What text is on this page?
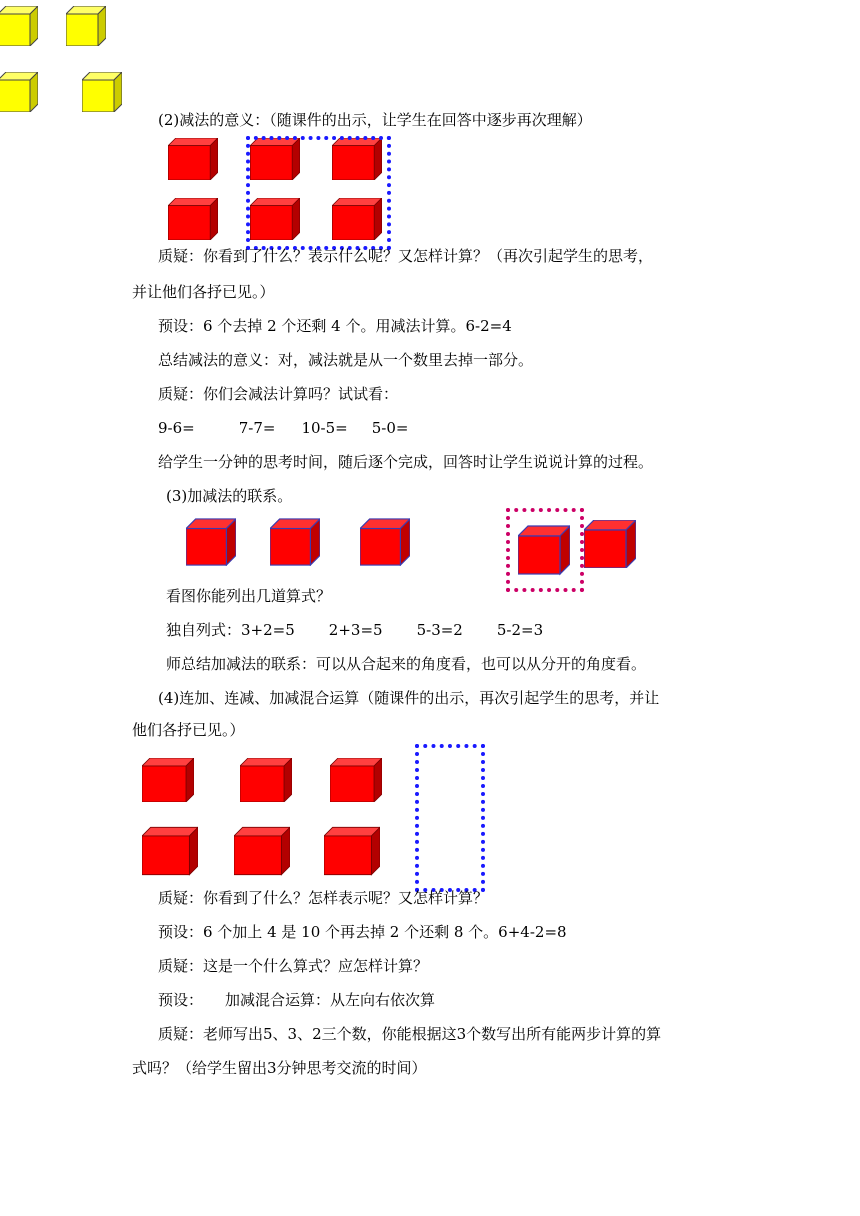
(2)减法的意义：（随课件的出示，让学生在回答中逐步再次理解）
质疑：你看到了什么？表示什么呢？又怎样计算？（再次引起学生的思考，
并让他们各抒已见。）
预设：6 个去掉 2 个还剩 4 个。用减法计算。6-2=4
总结减法的意义：对，减法就是从一个数里去掉一部分。
质疑：你们会减法计算吗？试试看：
9-6=	7-7= 10-5= 5-0=
给学生一分钟的思考时间，随后逐个完成，回答时让学生说说计算的过程。
(3)加减法的联系。
看图你能列出几道算式？
独自列式：3+2=5 2+3=5 5-3=2 5-2=3
师总结加减法的联系：可以从合起来的角度看，也可以从分开的角度看。
(4)连加、连减、加减混合运算（随课件的出示，再次引起学生的思考，并让
他们各抒已见。）
质疑：你看到了什么？怎样表示呢？又怎样计算？
预设：6 个加上 4 是 10 个再去掉 2 个还剩 8 个。6+4-2=8
质疑：这是一个什么算式？应怎样计算？
预设： 加减混合运算：从左向右依次算
质疑：老师写出5、3、2三个数，你能根据这3个数写出所有能两步计算的算
式吗？（给学生留出3分钟思考交流的时间）
